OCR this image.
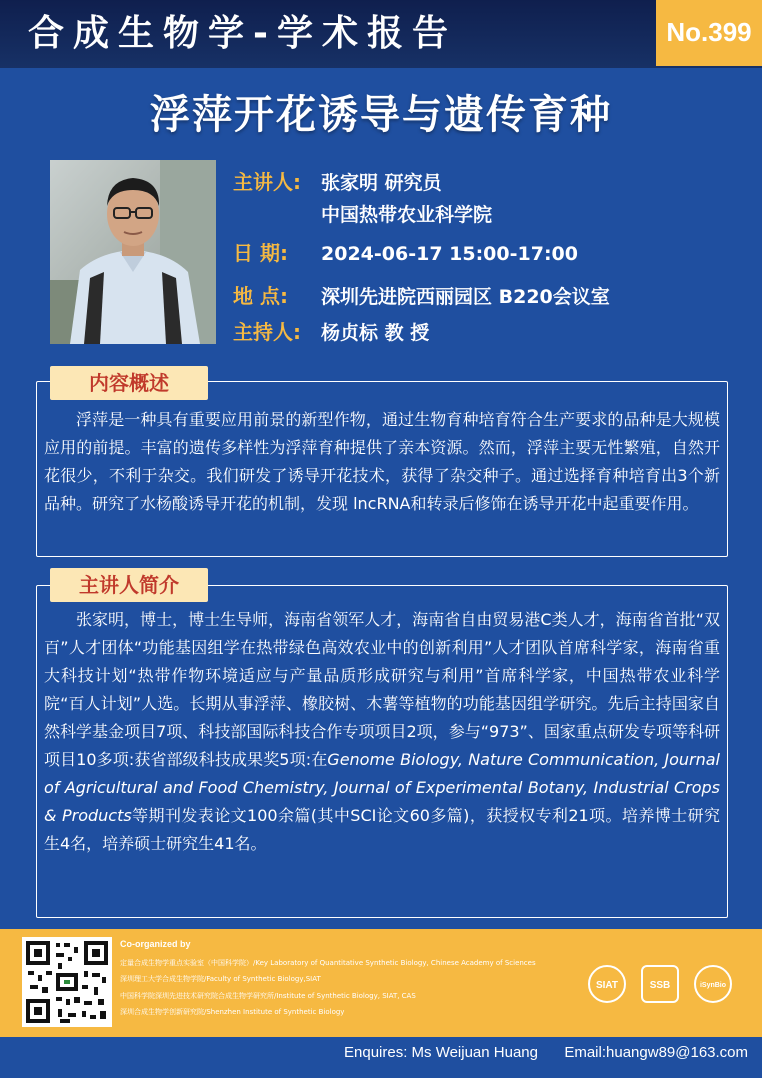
合成生物学-学术报告	No.399
浮萍开花诱导与遗传育种
主讲人: 张家明 研究员
中国热带农业科学院
日 期: 2024-06-17 15:00-17:00
地 点: 深圳先进院西丽园区 B220会议室
主持人: 杨贞标 教 授
内容概述

浮萍是一种具有重要应用前景的新型作物，通过生物育种培育符合生产要求的品种是大规模应用的前提。丰富的遗传多样性为浮萍育种提供了亲本资源。然而，浮萍主要无性繁殖，自然开花很少，不利于杂交。我们研发了诱导开花技术，获得了杂交种子。通过选择育种培育出3个新品种。研究了水杨酸诱导开花的机制，发现 lncRNA和转录后修饰在诱导开花中起重要作用。

主讲人简介

张家明，博士，博士生导师，海南省领军人才，海南省自由贸易港C类人才，海南省首批“双百”人才团体“功能基因组学在热带绿色高效农业中的创新利用”人才团队首席科学家，海南省重大科技计划“热带作物环境适应与产量品质形成研究与利用”首席科学家，中国热带农业科学院“百人计划”人选。长期从事浮萍、橡胶树、木薯等植物的功能基因组学研究。先后主持国家自然科学基金项目7项、科技部国际科技合作专项项目2项，参与“973”、国家重点研发专项等科研项目10多项:获省部级科技成果奖5项:在Genome Biology, Nature Communication, Journal of Agricultural and Food Chemistry, Journal of Experimental Botany, Industrial Crops & Products等期刊发表论文100余篇(其中SCI论文60多篇)，获授权专利21项。培养博士研究生4名，培养硕士研究生41名。

Co-organized by
定量合成生物学重点实验室（中国科学院）/Key Laboratory of Quantitative Synthetic Biology, Chinese Academy of Sciences
深圳理工大学合成生物学院/Faculty of Synthetic Biology,SIAT
中国科学院深圳先进技术研究院合成生物学研究所/Institute of Synthetic Biology, SIAT, CAS
深圳合成生物学创新研究院/Shenzhen Institute of Synthetic Biology
SIAT	SSB	iSynBio
Enquires: Ms Weijuan Huang Email:huangw89@163.com
